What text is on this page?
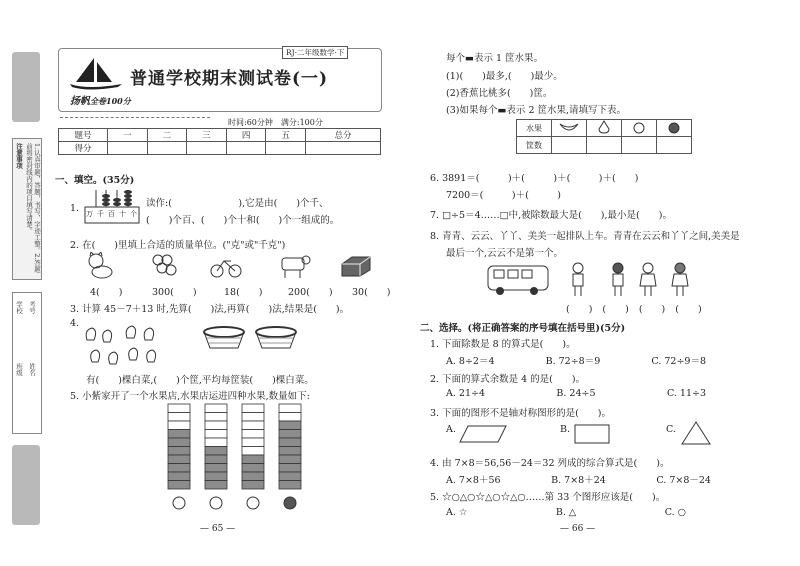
注意事项	1.认真审题，答题，书写，字迹工整。2.答题前将密封线内的项目填写清楚。
学校
班级
考号
姓名
RJ·二年级数学·下
普通学校期末测试卷(一)
扬帆全卷100分
时间:60分钟　满分:100分
题号	一	二	三	四	五	总分
得分						
一、填空。(35分)
1. 万 千 百 十 个
读作:(　　　　　　　),它是由(　　)个千、
(　　)个百、(　　)个十和(　　)个一组成的。
2. 在(　　)里填上合适的质量单位。("克"或"千克")
4(　　)	300(　　)	18(　　)	200(　　)	30(　　)
3. 计算 45－7＋13 时,先算(　　)法,再算(　　)法,结果是(　　)。
4.
有(　　)棵白菜,(　　)个筐,平均每筐装(　　)棵白菜。
5. 小紫家开了一个水果店,水果店运进四种水果,数量如下:
— 65 —
每个▬表示 1 筐水果。
(1)(　　)最多,(　　)最少。
(2)香蕉比桃多(　　)筐。
(3)如果每个▬表示 2 筐水果,请填写下表。
水果				
筐数				
6. 3891＝(　　　)＋(　　　)＋(　　　)＋(　　)
7200＝(　　　)＋(　　　)
7. □÷5＝4……□中,被除数最大是(　　),最小是(　　)。
8. 青青、云云、丫丫、美美一起排队上车。青青在云云和丫丫之间,美美是
最后一个,云云不是第一个。
(　　) (　　) (　　) (　　)
二、选择。(将正确答案的序号填在括号里)(5分)
1. 下面除数是 8 的算式是(　　)。
A. 8÷2＝4	B. 72÷8＝9	C. 72÷9＝8
2. 下面的算式余数是 4 的是(　　)。
A. 21÷4	B. 24÷5	C. 11÷3
3. 下面的图形不是轴对称图形的是(　　)。
A.	B.	C.
4. 由 7×8＝56,56－24＝32 列成的综合算式是(　　)。
A. 7×8＋56	B. 7×8＋24	C. 7×8－24
5. ☆○△○☆△○☆△○……第 33 个图形应该是(　　)。
A. ☆	B. △	C. ○
— 66 —
